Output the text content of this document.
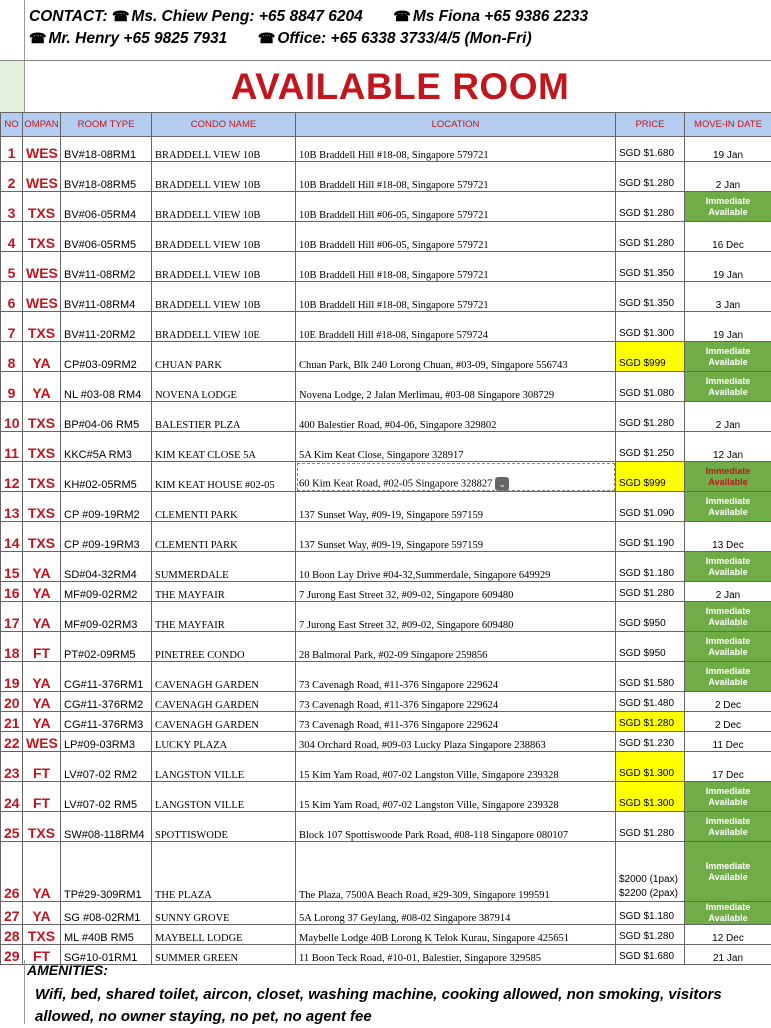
CONTACT: ☎ Ms. Chiew Peng: +65 8847 6204 ☎ Ms Fiona +65 9386 2233
☎ Mr. Henry +65 9825 7931 ☎ Office: +65 6338 3733/4/5 (Mon-Fri)
AVAILABLE ROOM
NO	OMPAN	ROOM TYPE	CONDO NAME	LOCATION	PRICE	MOVE-IN DATE
1	WES	BV#18-08RM1	BRADDELL VIEW 10B	10B Braddell Hill #18-08, Singapore 579721	SGD $1.680	19 Jan
2	WES	BV#18-08RM5	BRADDELL VIEW 10B	10B Braddell Hill #18-08, Singapore 579721	SGD $1.280	2 Jan
3	TXS	BV#06-05RM4	BRADDELL VIEW 10B	10B Braddell Hill #06-05, Singapore 579721	SGD $1.280	Immediate Available
4	TXS	BV#06-05RM5	BRADDELL VIEW 10B	10B Braddell Hill #06-05, Singapore 579721	SGD $1.280	16 Dec
5	WES	BV#11-08RM2	BRADDELL VIEW 10B	10B Braddell Hill #18-08, Singapore 579721	SGD $1.350	19 Jan
6	WES	BV#11-08RM4	BRADDELL VIEW 10B	10B Braddell Hill #18-08, Singapore 579721	SGD $1.350	3 Jan
7	TXS	BV#11-20RM2	BRADDELL VIEW 10E	10E Braddell Hill #18-08, Singapore 579724	SGD $1.300	19 Jan
8	YA	CP#03-09RM2	CHUAN PARK	Chuan Park, Blk 240 Lorong Chuan, #03-09, Singapore 556743	SGD $999	Immediate Available
9	YA	NL #03-08 RM4	NOVENA LODGE	Novena Lodge, 2 Jalan Merlimau, #03-08 Singapore 308729	SGD $1.080	Immediate Available
10	TXS	BP#04-06 RM5	BALESTIER PLZA	400 Balestier Road, #04-06, Singapore 329802	SGD $1.280	2 Jan
11	TXS	KKC#5A RM3	KIM KEAT CLOSE 5A	5A Kim Keat Close, Singapore 328917	SGD $1.250	12 Jan
12	TXS	KH#02-05RM5	KIM KEAT HOUSE #02-05	60 Kim Keat Road, #02-05 Singapore 328827 ⌄	SGD $999	Immediate Available
13	TXS	CP #09-19RM2	CLEMENTI PARK	137 Sunset Way, #09-19, Singapore 597159	SGD $1.090	Immediate Available
14	TXS	CP #09-19RM3	CLEMENTI PARK	137 Sunset Way, #09-19, Singapore 597159	SGD $1.190	13 Dec
15	YA	SD#04-32RM4	SUMMERDALE	10 Boon Lay Drive #04-32,Summerdale, Singapore 649929	SGD $1.180	Immediate Available
16	YA	MF#09-02RM2	THE MAYFAIR	7 Jurong East Street 32, #09-02, Singapore 609480	SGD $1.280	2 Jan
17	YA	MF#09-02RM3	THE MAYFAIR	7 Jurong East Street 32, #09-02, Singapore 609480	SGD $950	Immediate Available
18	FT	PT#02-09RM5	PINETREE CONDO	28 Balmoral Park, #02-09 Singapore 259856	SGD $950	Immediate Available
19	YA	CG#11-376RM1	CAVENAGH GARDEN	73 Cavenagh Road, #11-376 Singapore 229624	SGD $1.580	Immediate Available
20	YA	CG#11-376RM2	CAVENAGH GARDEN	73 Cavenagh Road, #11-376 Singapore 229624	SGD $1.480	2 Dec
21	YA	CG#11-376RM3	CAVENAGH GARDEN	73 Cavenagh Road, #11-376 Singapore 229624	SGD $1.280	2 Dec
22	WES	LP#09-03RM3	LUCKY PLAZA	304 Orchard Road, #09-03 Lucky Plaza Singapore 238863	SGD $1.230	11 Dec
23	FT	LV#07-02 RM2	LANGSTON VILLE	15 Kim Yam Road, #07-02 Langston Ville, Singapore 239328	SGD $1.300	17 Dec
24	FT	LV#07-02 RM5	LANGSTON VILLE	15 Kim Yam Road, #07-02 Langston Ville, Singapore 239328	SGD $1.300	Immediate Available
25	TXS	SW#08-118RM4	SPOTTISWODE	Block 107 Spottiswoode Park Road, #08-118 Singapore 080107	SGD $1.280	Immediate Available
26	YA	TP#29-309RM1	THE PLAZA	The Plaza, 7500A Beach Road, #29-309, Singapore 199591	$2000 (1pax)
$2200 (2pax)	Immediate Available
27	YA	SG #08-02RM1	SUNNY GROVE	5A Lorong 37 Geylang, #08-02 Singapore 387914	SGD $1.180	Immediate Available
28	TXS	ML #40B RM5	MAYBELL LODGE	Maybelle Lodge 40B Lorong K Telok Kurau, Singapore 425651	SGD $1.280	12 Dec
29	FT	SG#10-01RM1	SUMMER GREEN	11 Boon Teck Road, #10-01, Balestier, Singapore 329585	SGD $1.680	21 Jan
AMENITIES:
Wifi, bed, shared toilet, aircon, closet, washing machine, cooking allowed, non smoking, visitors allowed, no owner staying, no pet, no agent fee
